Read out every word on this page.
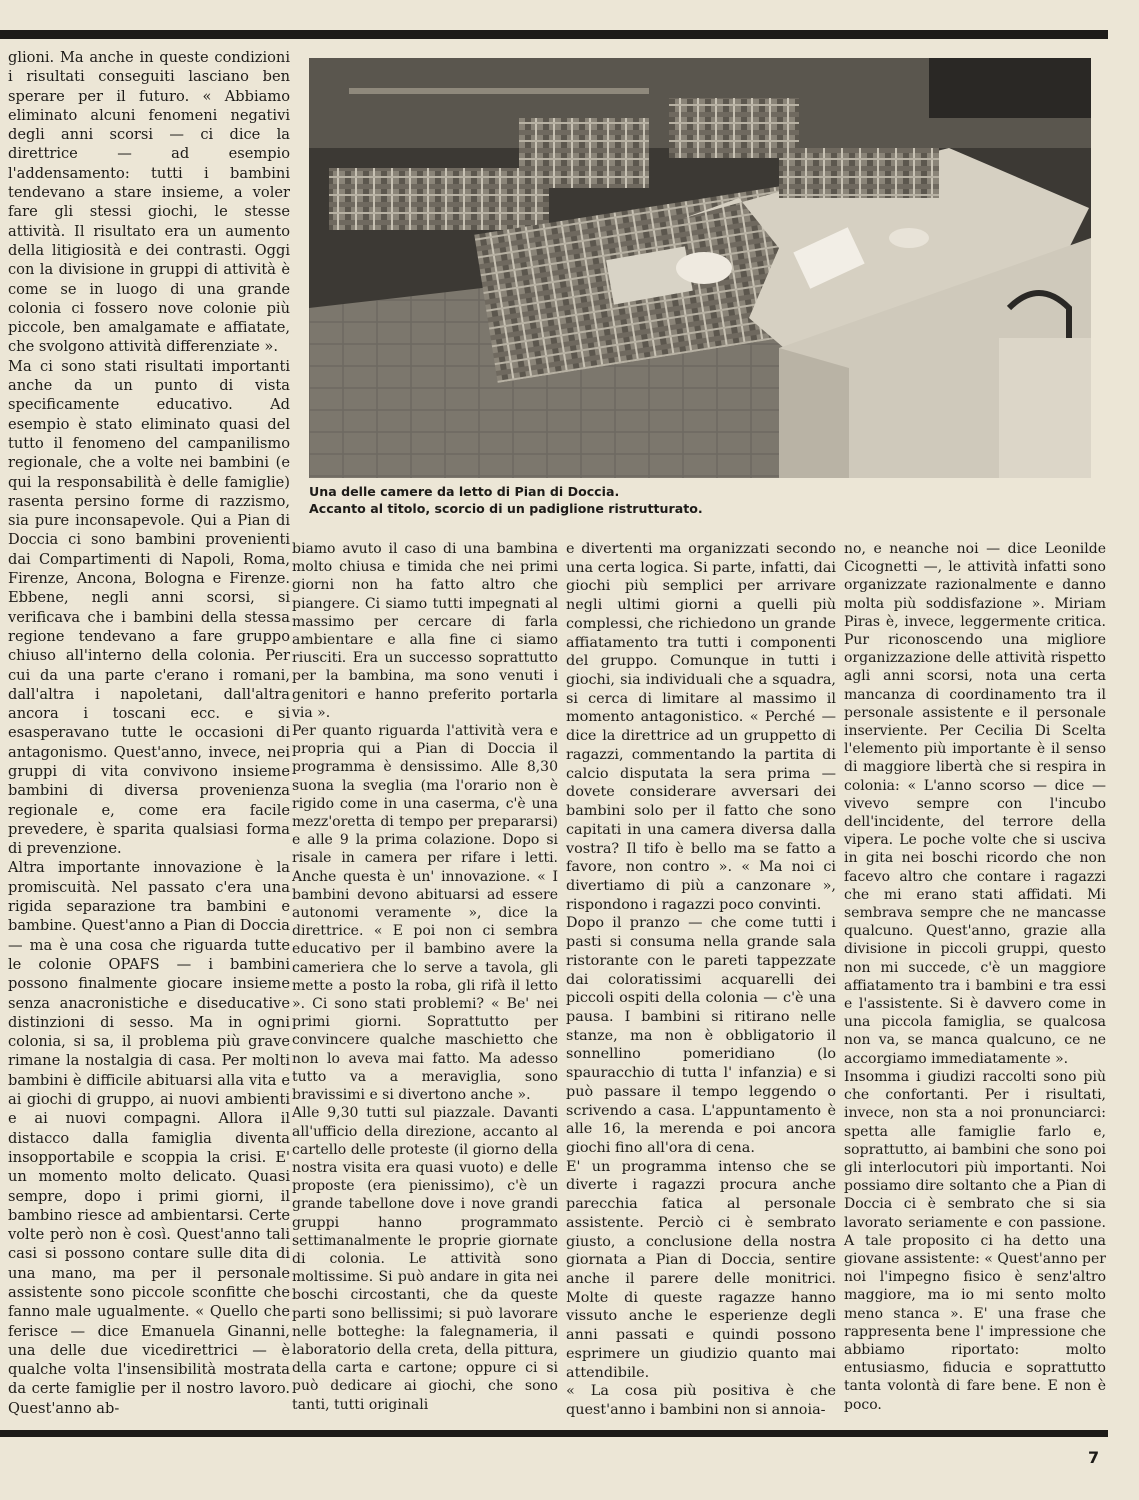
glioni. Ma anche in queste condizioni i risultati conseguiti lasciano ben sperare per il futuro. « Abbiamo eliminato alcuni fenomeni negativi degli anni scorsi — ci dice la direttrice — ad esempio l'addensamento: tutti i bambini tendevano a stare insieme, a voler fare gli stessi giochi, le stesse attività. Il risultato era un aumento della litigiosità e dei contrasti. Oggi con la divisione in gruppi di attività è come se in luogo di una grande colonia ci fossero nove colonie più piccole, ben amalgamate e affiatate, che svolgono attività differenziate ».

Ma ci sono stati risultati importanti anche da un punto di vista specificamente educativo. Ad esempio è stato eliminato quasi del tutto il fenomeno del campanilismo regionale, che a volte nei bambini (e qui la responsabilità è delle famiglie) rasenta persino forme di razzismo, sia pure inconsapevole. Qui a Pian di Doccia ci sono bambini provenienti dai Compartimenti di Napoli, Roma, Firenze, Ancona, Bologna e Firenze. Ebbene, negli anni scorsi, si verificava che i bambini della stessa regione tendevano a fare gruppo chiuso all'interno della colonia. Per cui da una parte c'erano i romani, dall'altra i napoletani, dall'altra ancora i toscani ecc. e si esasperavano tutte le occasioni di antagonismo. Quest'anno, invece, nei gruppi di vita convivono insieme bambini di diversa provenienza regionale e, come era facile prevedere, è sparita qualsiasi forma di prevenzione.

Altra importante innovazione è la promiscuità. Nel passato c'era una rigida separazione tra bambini e bambine. Quest'anno a Pian di Doccia — ma è una cosa che riguarda tutte le colonie OPAFS — i bambini possono finalmente giocare insieme senza anacronistiche e diseducative distinzioni di sesso. Ma in ogni colonia, si sa, il problema più grave rimane la nostalgia di casa. Per molti bambini è difficile abituarsi alla vita e ai giochi di gruppo, ai nuovi ambienti e ai nuovi compagni. Allora il distacco dalla famiglia diventa insopportabile e scoppia la crisi. E' un momento molto delicato. Quasi sempre, dopo i primi giorni, il bambino riesce ad ambientarsi. Certe volte però non è così. Quest'anno tali casi si possono contare sulle dita di una mano, ma per il personale assistente sono piccole sconfitte che fanno male ugualmente. « Quello che ferisce — dice Emanuela Ginanni, una delle due vicedirettrici — è qualche volta l'insensibilità mostrata da certe famiglie per il nostro lavoro. Quest'anno ab-

Una delle camere da letto di Pian di Doccia.
Accanto al titolo, scorcio di un padiglione ristrutturato.

biamo avuto il caso di una bambina molto chiusa e timida che nei primi giorni non ha fatto altro che piangere. Ci siamo tutti impegnati al massimo per cercare di farla ambientare e alla fine ci siamo riusciti. Era un successo soprattutto per la bambina, ma sono venuti i genitori e hanno preferito portarla via ».

Per quanto riguarda l'attività vera e propria qui a Pian di Doccia il programma è densissimo. Alle 8,30 suona la sveglia (ma l'orario non è rigido come in una caserma, c'è una mezz'oretta di tempo per prepararsi) e alle 9 la prima colazione. Dopo si risale in camera per rifare i letti. Anche questa è un' innovazione. « I bambini devono abituarsi ad essere autonomi veramente », dice la direttrice. « E poi non ci sembra educativo per il bambino avere la cameriera che lo serve a tavola, gli mette a posto la roba, gli rifà il letto ». Ci sono stati problemi? « Be' nei primi giorni. Soprattutto per convincere qualche maschietto che non lo aveva mai fatto. Ma adesso tutto va a meraviglia, sono bravissimi e si divertono anche ».

Alle 9,30 tutti sul piazzale. Davanti all'ufficio della direzione, accanto al cartello delle proteste (il giorno della nostra visita era quasi vuoto) e delle proposte (era pienissimo), c'è un grande tabellone dove i nove grandi gruppi hanno programmato settimanalmente le proprie giornate di colonia. Le attività sono moltissime. Si può andare in gita nei boschi circostanti, che da queste parti sono bellissimi; si può lavorare nelle botteghe: la falegnameria, il laboratorio della creta, della pittura, della carta e cartone; oppure ci si può dedicare ai giochi, che sono tanti, tutti originali

e divertenti ma organizzati secondo una certa logica. Si parte, infatti, dai giochi più semplici per arrivare negli ultimi giorni a quelli più complessi, che richiedono un grande affiatamento tra tutti i componenti del gruppo. Comunque in tutti i giochi, sia individuali che a squadra, si cerca di limitare al massimo il momento antagonistico. « Perché — dice la direttrice ad un gruppetto di ragazzi, commentando la partita di calcio disputata la sera prima — dovete considerare avversari dei bambini solo per il fatto che sono capitati in una camera diversa dalla vostra? Il tifo è bello ma se fatto a favore, non contro ». « Ma noi ci divertiamo di più a canzonare », rispondono i ragazzi poco convinti.

Dopo il pranzo — che come tutti i pasti si consuma nella grande sala ristorante con le pareti tappezzate dai coloratissimi acquarelli dei piccoli ospiti della colonia — c'è una pausa. I bambini si ritirano nelle stanze, ma non è obbligatorio il sonnellino pomeridiano (lo spauracchio di tutta l' infanzia) e si può passare il tempo leggendo o scrivendo a casa. L'appuntamento è alle 16, la merenda e poi ancora giochi fino all'ora di cena.

E' un programma intenso che se diverte i ragazzi procura anche parecchia fatica al personale assistente. Perciò ci è sembrato giusto, a conclusione della nostra giornata a Pian di Doccia, sentire anche il parere delle monitrici. Molte di queste ragazze hanno vissuto anche le esperienze degli anni passati e quindi possono esprimere un giudizio quanto mai attendibile.

« La cosa più positiva è che quest'anno i bambini non si annoia-

no, e neanche noi — dice Leonilde Cicognetti —, le attività infatti sono organizzate razionalmente e danno molta più soddisfazione ». Miriam Piras è, invece, leggermente critica. Pur riconoscendo una migliore organizzazione delle attività rispetto agli anni scorsi, nota una certa mancanza di coordinamento tra il personale assistente e il personale inserviente. Per Cecilia Di Scelta l'elemento più importante è il senso di maggiore libertà che si respira in colonia: « L'anno scorso — dice — vivevo sempre con l'incubo dell'incidente, del terrore della vipera. Le poche volte che si usciva in gita nei boschi ricordo che non facevo altro che contare i ragazzi che mi erano stati affidati. Mi sembrava sempre che ne mancasse qualcuno. Quest'anno, grazie alla divisione in piccoli gruppi, questo non mi succede, c'è un maggiore affiatamento tra i bambini e tra essi e l'assistente. Si è davvero come in una piccola famiglia, se qualcosa non va, se manca qualcuno, ce ne accorgiamo immediatamente ».

Insomma i giudizi raccolti sono più che confortanti. Per i risultati, invece, non sta a noi pronunciarci: spetta alle famiglie farlo e, soprattutto, ai bambini che sono poi gli interlocutori più importanti. Noi possiamo dire soltanto che a Pian di Doccia ci è sembrato che si sia lavorato seriamente e con passione. A tale proposito ci ha detto una giovane assistente: « Quest'anno per noi l'impegno fisico è senz'altro maggiore, ma io mi sento molto meno stanca ». E' una frase che rappresenta bene l' impressione che abbiamo riportato: molto entusiasmo, fiducia e soprattutto tanta volontà di fare bene. E non è poco.

7
